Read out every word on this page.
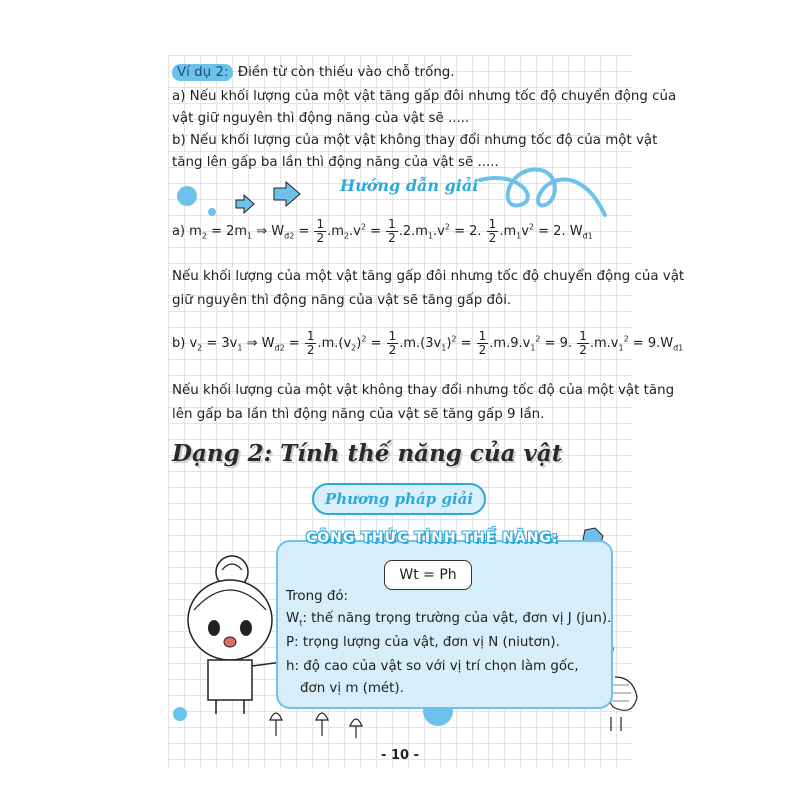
Ví dụ 2: Điền từ còn thiếu vào chỗ trống.
a) Nếu khối lượng của một vật tăng gấp đôi nhưng tốc độ chuyển động của
vật giữ nguyên thì động năng của vật sẽ .....
b) Nếu khối lượng của một vật không thay đổi nhưng tốc độ của một vật
tăng lên gấp ba lần thì động năng của vật sẽ .....
Hướng dẫn giải
a) $m_2 = 2m_1$ ⇒ $W_{đ2} = \frac{1}{2} .m_2.v^2 = \frac{1}{2} .2.m_1.v^2 = 2$. $\frac{1}{2} .m_1v^2 = 2$. $W_{đ1}$
Nếu khối lượng của một vật tăng gấp đôi nhưng tốc độ chuyển động của vật
giữ nguyên thì động năng của vật sẽ tăng gấp đôi.
b) $v_2 = 3v_1$ ⇒ $W_{đ2} = \frac{1}{2} .m.(v_2)^2 = \frac{1}{2} .m.(3v_1)^2 = \frac{1}{2} .m.9.v_1^2 = 9$. $\frac{1}{2} .m.v_1^2 = 9.W_{đ1}$
Nếu khối lượng của một vật không thay đổi nhưng tốc độ của một vật tăng
lên gấp ba lần thì động năng của vật sẽ tăng gấp 9 lần.
Dạng 2: Tính thế năng của vật
Phương pháp giải
CÔNG THỨC TÍNH THẾ NĂNG:
Wt = Ph
Trong đó:
$W_t$: thế năng trọng trường của vật, đơn vị J (jun).
P: trọng lượng của vật, đơn vị N (niutơn).
h: độ cao của vật so với vị trí chọn làm gốc,
đơn vị m (mét).
- 10 -
